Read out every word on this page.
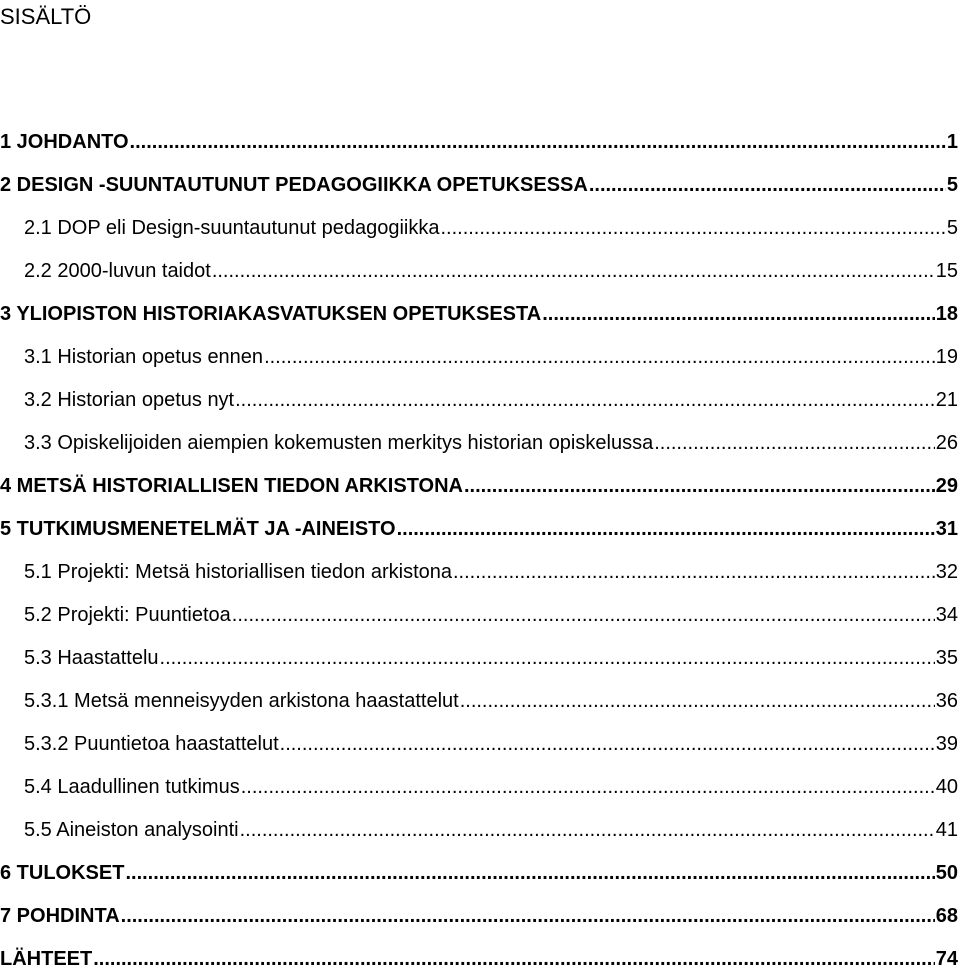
SISÄLTÖ
1 JOHDANTO .....	1
2 DESIGN -SUUNTAUTUNUT PEDAGOGIIKKA OPETUKSESSA .....	5
2.1 DOP eli Design-suuntautunut pedagogiikka .....	5
2.2 2000-luvun taidot .....	15
3 YLIOPISTON HISTORIAKASVATUKSEN OPETUKSESTA .....	18
3.1 Historian opetus ennen .....	19
3.2 Historian opetus nyt .....	21
3.3 Opiskelijoiden aiempien kokemusten merkitys historian opiskelussa .....	26
4 METSÄ HISTORIALLISEN TIEDON ARKISTONA .....	29
5 TUTKIMUSMENETELMÄT JA -AINEISTO .....	31
5.1 Projekti: Metsä historiallisen tiedon arkistona .....	32
5.2 Projekti: Puuntietoa .....	34
5.3 Haastattelu .....	35
5.3.1 Metsä menneisyyden arkistona haastattelut .....	36
5.3.2 Puuntietoa haastattelut .....	39
5.4 Laadullinen tutkimus .....	40
5.5 Aineiston analysointi .....	41
6 TULOKSET .....	50
7 POHDINTA .....	68
LÄHTEET .....	74
